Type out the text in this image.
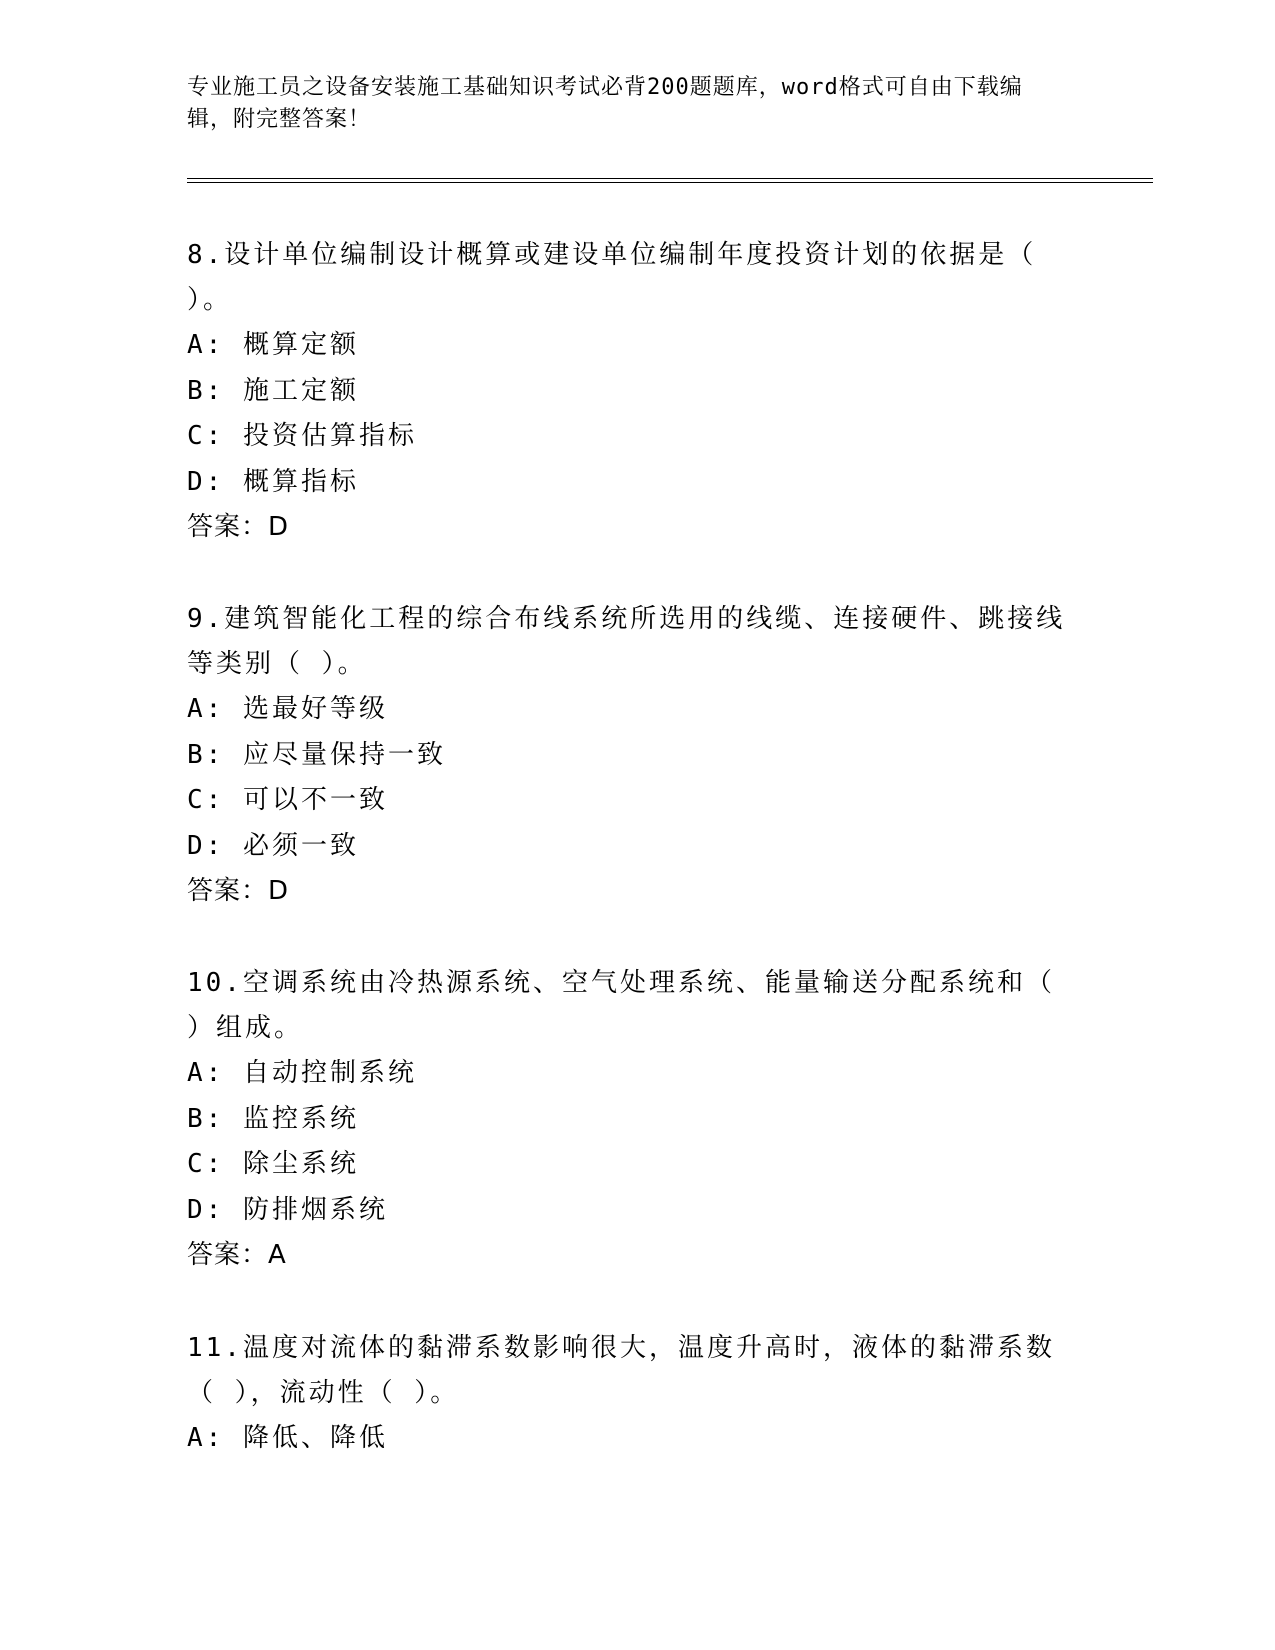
专业施工员之设备安装施工基础知识考试必背200题题库，word格式可自由下载编辑，附完整答案！
8.设计单位编制设计概算或建设单位编制年度投资计划的依据是（ ）。
A: 概算定额
B: 施工定额
C: 投资估算指标
D: 概算指标
答案：D
9.建筑智能化工程的综合布线系统所选用的线缆、连接硬件、跳接线等类别（ ）。
A: 选最好等级
B: 应尽量保持一致
C: 可以不一致
D: 必须一致
答案：D
10.空调系统由冷热源系统、空气处理系统、能量输送分配系统和（ ）组成。
A: 自动控制系统
B: 监控系统
C: 除尘系统
D: 防排烟系统
答案：A
11.温度对流体的黏滞系数影响很大，温度升高时，液体的黏滞系数（ ），流动性（ ）。
A: 降低、降低
